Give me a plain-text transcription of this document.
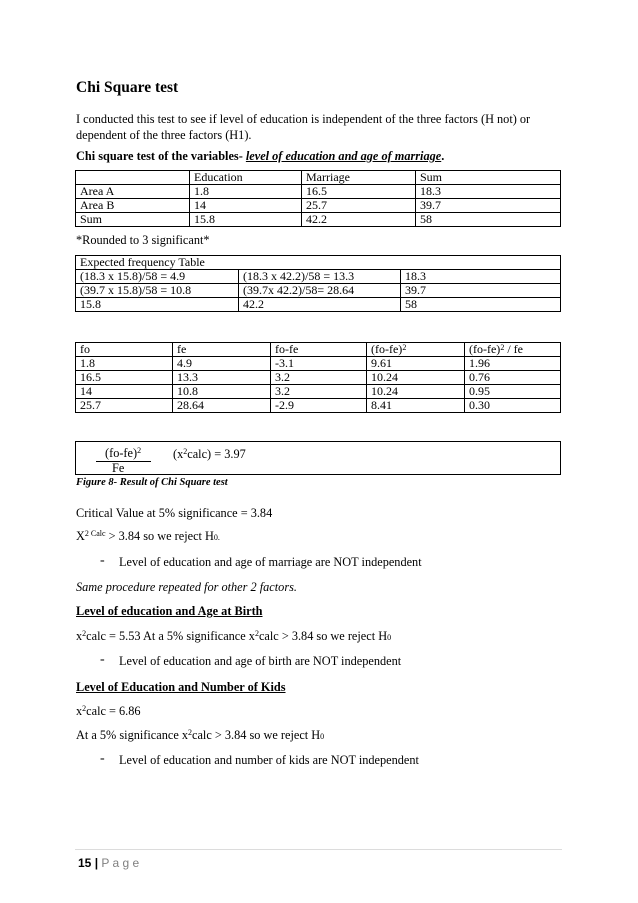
Chi Square test
I conducted this test to see if level of education is independent of the three factors (H not) or
dependent of the three factors (H1).
Chi square test of the variables- level of education and age of marriage.
	Education	Marriage	Sum
Area A	1.8	16.5	18.3
Area B	14	25.7	39.7
Sum	15.8	42.2	58
*Rounded to 3 significant*
Expected frequency Table		
(18.3 x 15.8)/58 = 4.9	(18.3 x 42.2)/58 = 13.3	18.3
(39.7 x 15.8)/58 = 10.8	(39.7x 42.2)/58= 28.64	39.7
15.8	42.2	58
fo	fe	fo-fe	$(fo-fe)^2$	$(fo-fe)^2$ / fe
1.8	4.9	-3.1	9.61	1.96
16.5	13.3	3.2	10.24	0.76
14	10.8	3.2	10.24	0.95
25.7	28.64	-2.9	8.41	0.30
$(fo-fe)^2$
Fe
$(x^2calc) = 3.97$
Figure 8- Result of Chi Square test
Critical Value at 5% significance = 3.84
$X^{2 Calc} > 3.84$ so we reject $H_{0.}$
- Level of education and age of marriage are NOT independent
Same procedure repeated for other 2 factors.
Level of education and Age at Birth
$x^2calc = 5.53$ At a 5% significance $x^2calc > 3.84$ so we reject $H_0$
- Level of education and age of birth are NOT independent
Level of Education and Number of Kids
$x^2calc = 6.86$
At a 5% significance $x^2calc > 3.84$ so we reject $H_0$
- Level of education and number of kids are NOT independent
15 | P a g e
